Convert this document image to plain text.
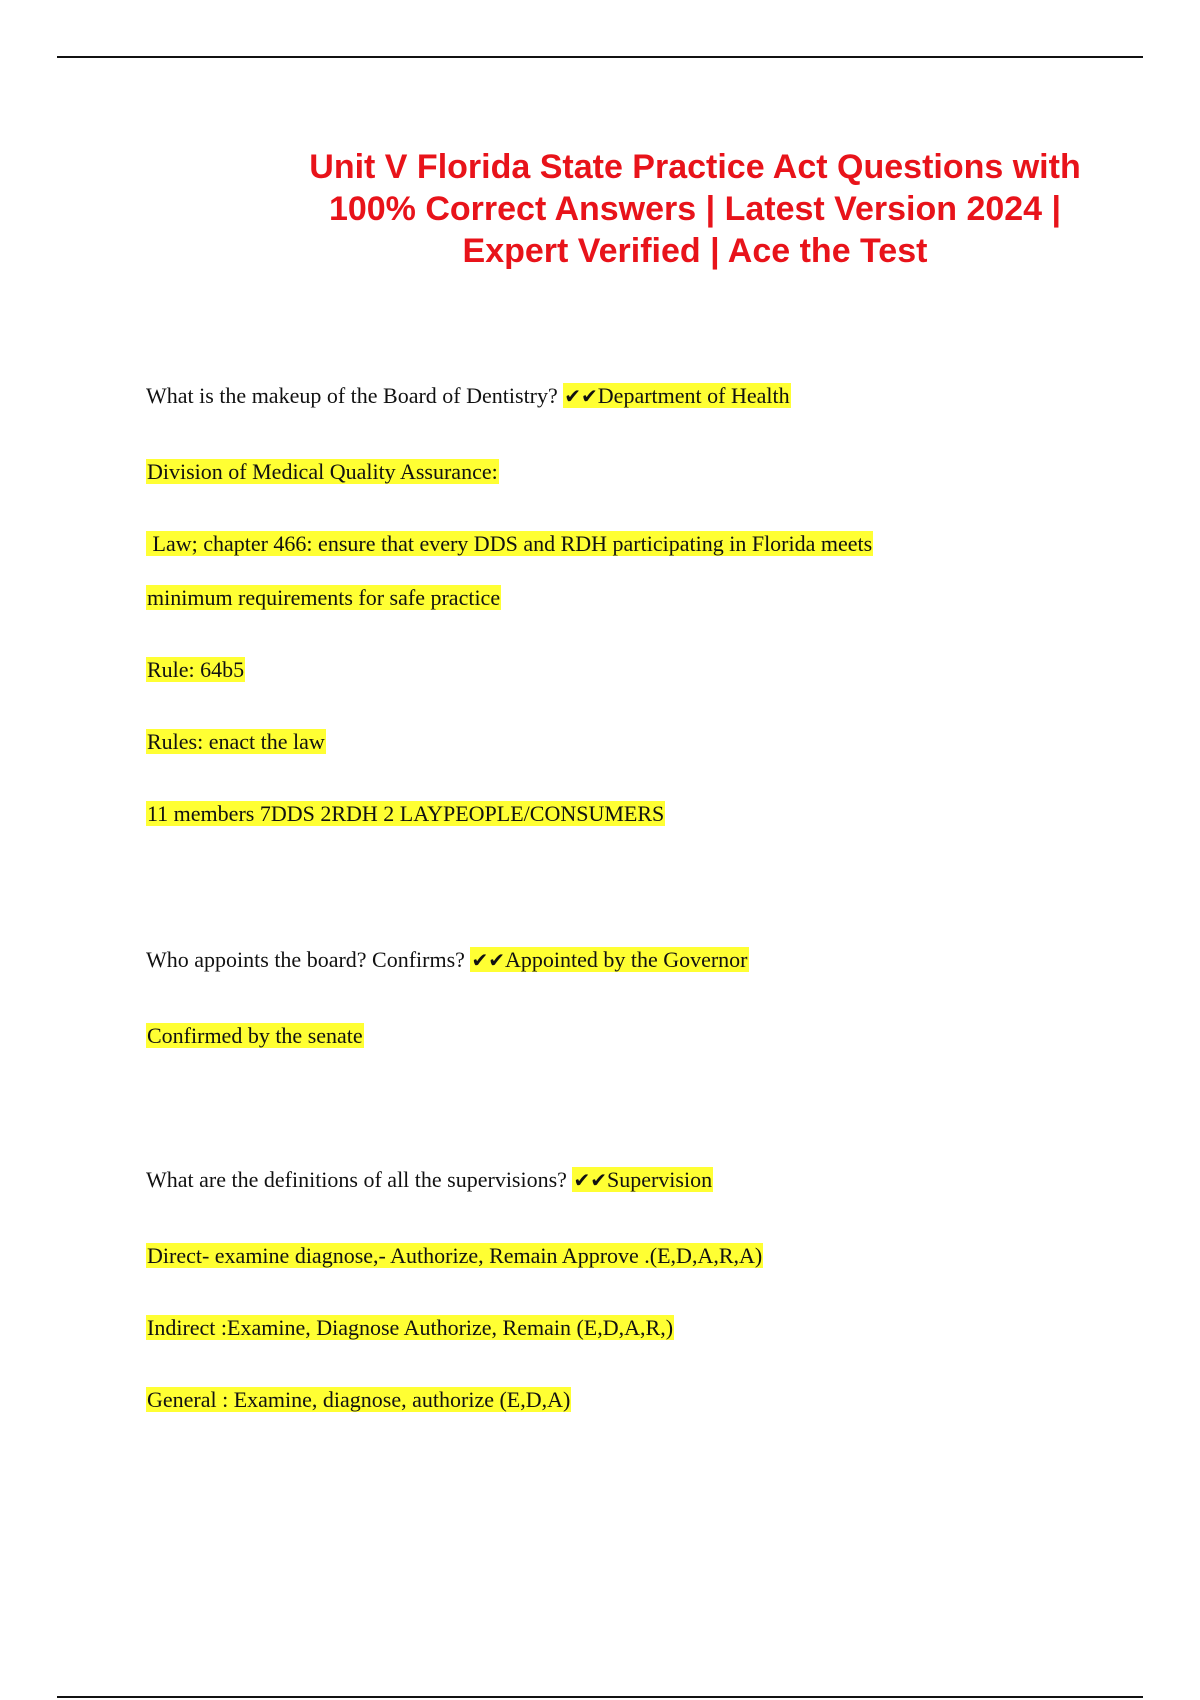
Unit V Florida State Practice Act Questions with 100% Correct Answers | Latest Version 2024 | Expert Verified | Ace the Test
What is the makeup of the Board of Dentistry? ✔✔Department of Health
Division of Medical Quality Assurance:
Law; chapter 466: ensure that every DDS and RDH participating in Florida meets
minimum requirements for safe practice
Rule: 64b5
Rules: enact the law
11 members 7DDS 2RDH 2 LAYPEOPLE/CONSUMERS
Who appoints the board? Confirms? ✔✔Appointed by the Governor
Confirmed by the senate
What are the definitions of all the supervisions? ✔✔Supervision
Direct- examine diagnose,- Authorize, Remain Approve .(E,D,A,R,A)
Indirect :Examine, Diagnose Authorize, Remain (E,D,A,R,)
General : Examine, diagnose, authorize (E,D,A)
